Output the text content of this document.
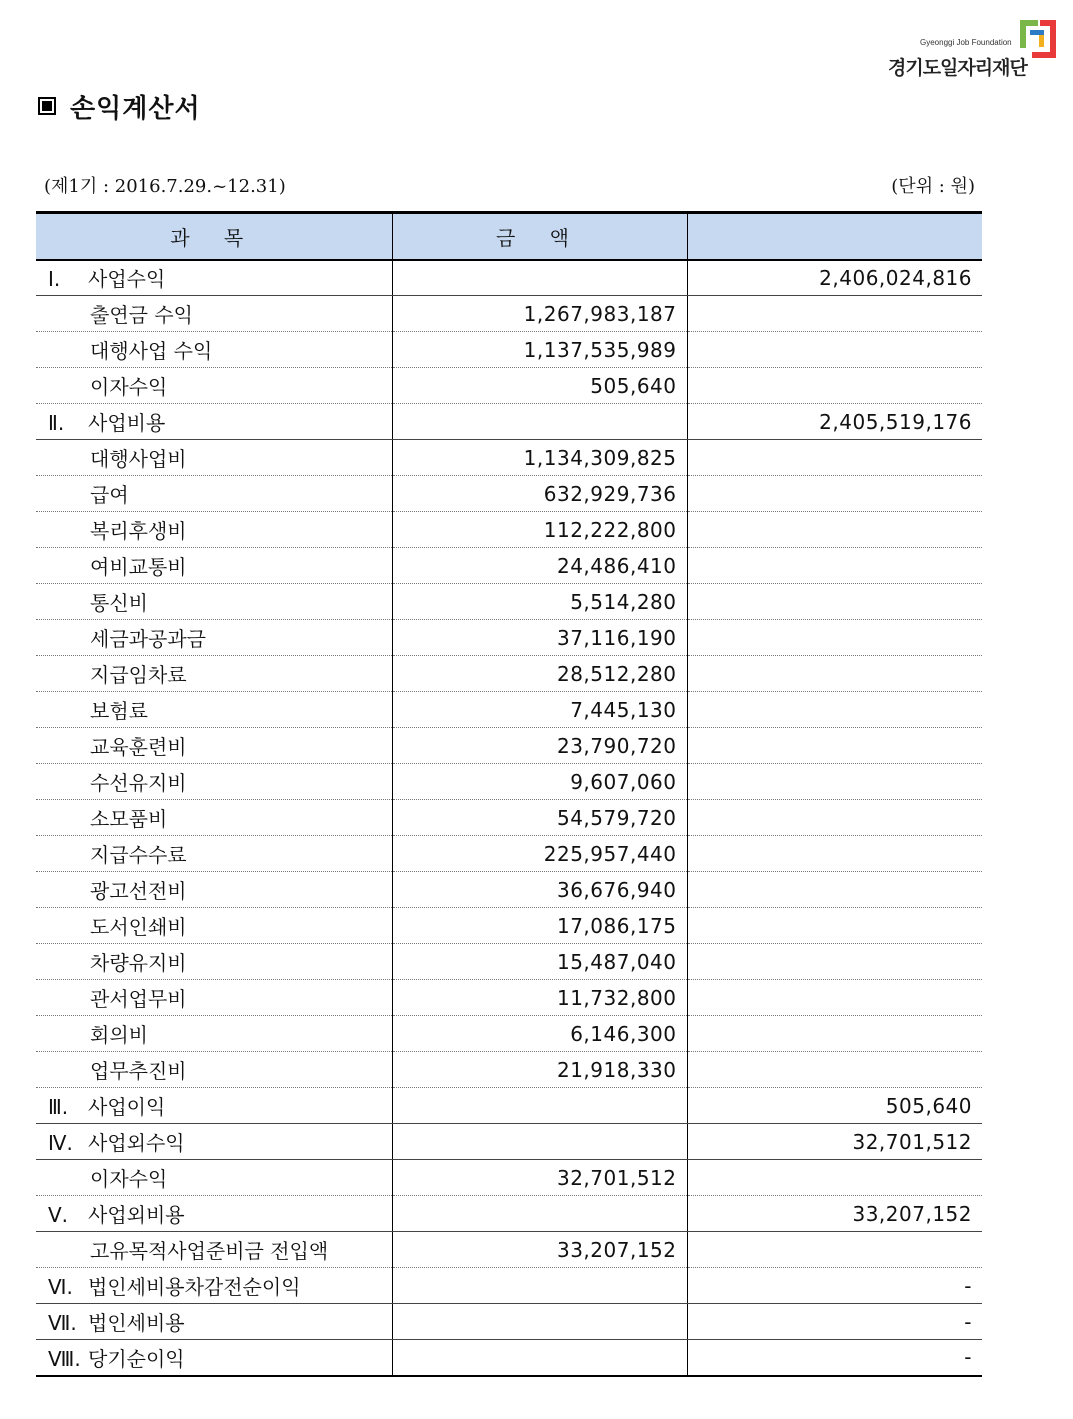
Gyeonggi Job Foundation
경기도일자리재단
손익계산서
(제1기 : 2016.7.29.~12.31)	(단위 : 원)
과 목	금 액	
Ⅰ. 사업수익		2,406,024,816
출연금 수익	1,267,983,187	
대행사업 수익	1,137,535,989	
이자수익	505,640	
Ⅱ. 사업비용		2,405,519,176
대행사업비	1,134,309,825	
급여	632,929,736	
복리후생비	112,222,800	
여비교통비	24,486,410	
통신비	5,514,280	
세금과공과금	37,116,190	
지급임차료	28,512,280	
보험료	7,445,130	
교육훈련비	23,790,720	
수선유지비	9,607,060	
소모품비	54,579,720	
지급수수료	225,957,440	
광고선전비	36,676,940	
도서인쇄비	17,086,175	
차량유지비	15,487,040	
관서업무비	11,732,800	
회의비	6,146,300	
업무추진비	21,918,330	
Ⅲ. 사업이익		505,640
Ⅳ. 사업외수익		32,701,512
이자수익	32,701,512	
Ⅴ. 사업외비용		33,207,152
고유목적사업준비금 전입액	33,207,152	
Ⅵ. 법인세비용차감전순이익		-
Ⅶ. 법인세비용		-
Ⅷ. 당기순이익		-
